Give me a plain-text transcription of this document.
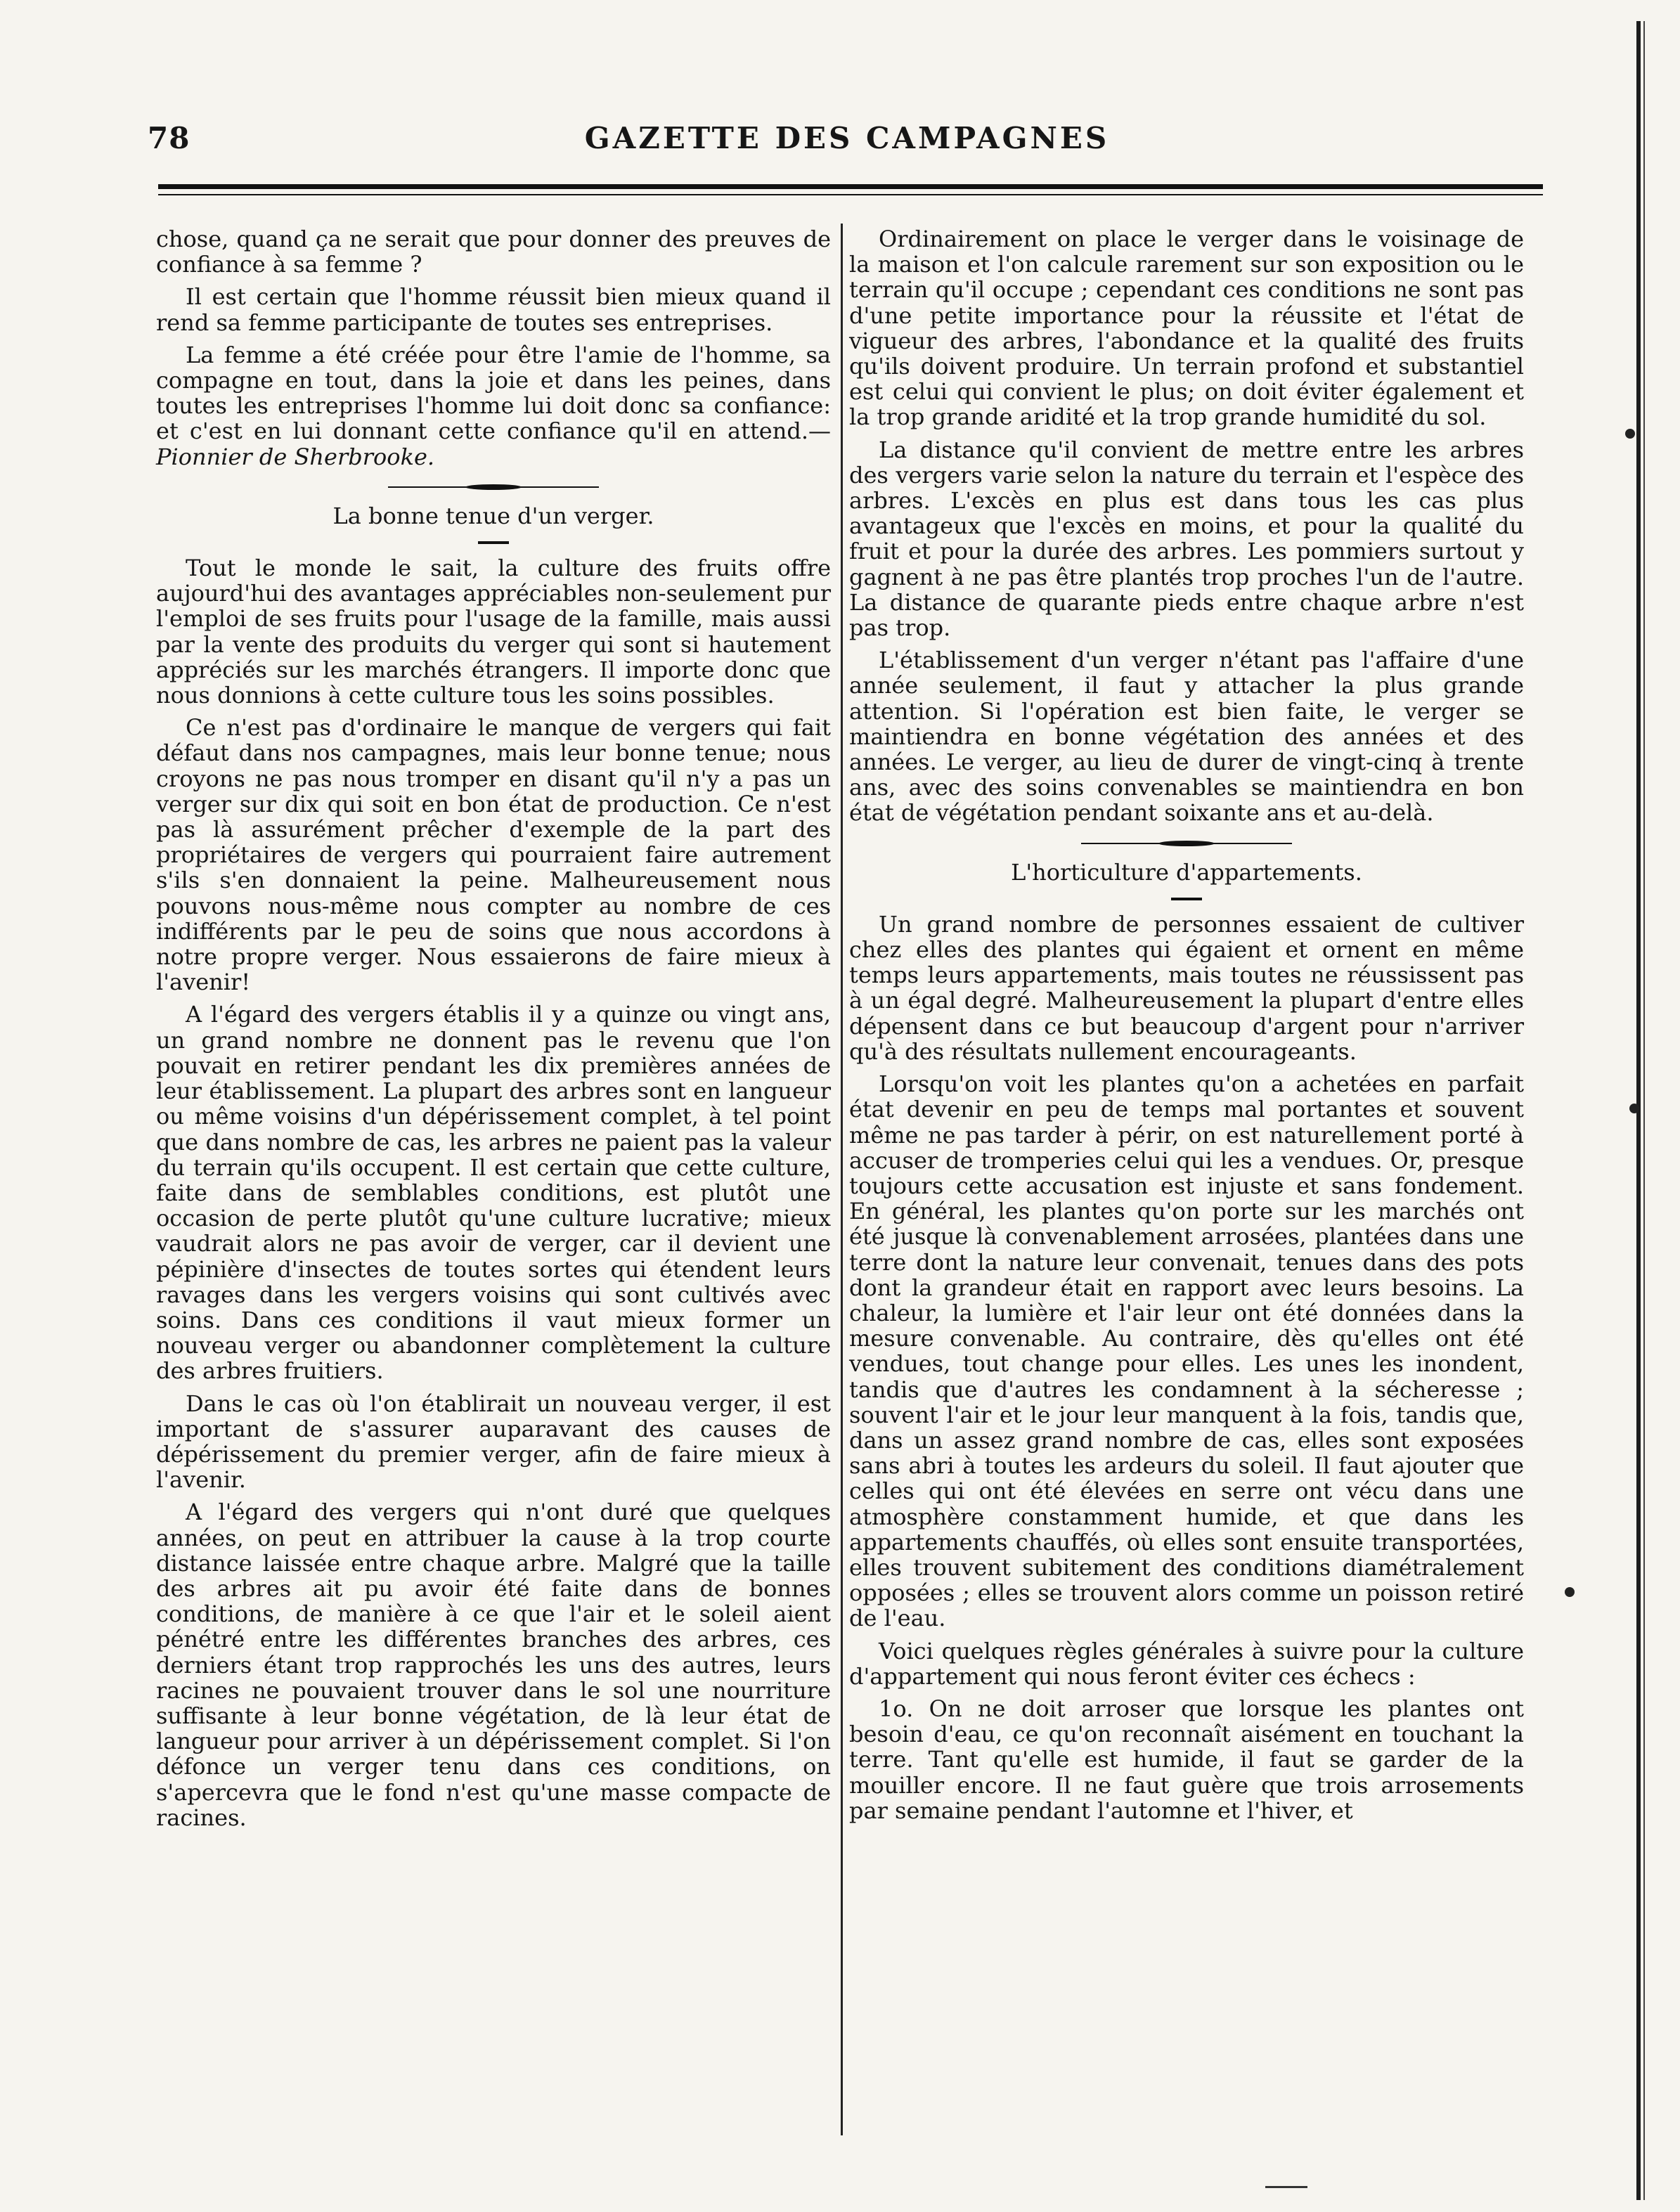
78	GAZETTE DES CAMPAGNES

chose, quand ça ne serait que pour donner des preuves de confiance à sa femme ?

Il est certain que l'homme réussit bien mieux quand il rend sa femme participante de toutes ses entreprises.

La femme a été créée pour être l'amie de l'homme, sa compagne en tout, dans la joie et dans les peines, dans toutes les entreprises l'homme lui doit donc sa confiance: et c'est en lui donnant cette confiance qu'il en attend.—Pionnier de Sherbrooke.

La bonne tenue d'un verger.

Tout le monde le sait, la culture des fruits offre aujourd'hui des avantages appréciables non-seulement pur l'emploi de ses fruits pour l'usage de la famille, mais aussi par la vente des produits du verger qui sont si hautement appréciés sur les marchés étrangers. Il importe donc que nous donnions à cette culture tous les soins possibles.

Ce n'est pas d'ordinaire le manque de vergers qui fait défaut dans nos campagnes, mais leur bonne tenue; nous croyons ne pas nous tromper en disant qu'il n'y a pas un verger sur dix qui soit en bon état de production. Ce n'est pas là assurément prêcher d'exemple de la part des propriétaires de vergers qui pourraient faire autrement s'ils s'en donnaient la peine. Malheureusement nous pouvons nous-même nous compter au nombre de ces indifférents par le peu de soins que nous accordons à notre propre verger. Nous essaierons de faire mieux à l'avenir!

A l'égard des vergers établis il y a quinze ou vingt ans, un grand nombre ne donnent pas le revenu que l'on pouvait en retirer pendant les dix premières années de leur établissement. La plupart des arbres sont en langueur ou même voisins d'un dépérissement complet, à tel point que dans nombre de cas, les arbres ne paient pas la valeur du terrain qu'ils occupent. Il est certain que cette culture, faite dans de semblables conditions, est plutôt une occasion de perte plutôt qu'une culture lucrative; mieux vaudrait alors ne pas avoir de verger, car il devient une pépinière d'insectes de toutes sortes qui étendent leurs ravages dans les vergers voisins qui sont cultivés avec soins. Dans ces conditions il vaut mieux former un nouveau verger ou abandonner complètement la culture des arbres fruitiers.

Dans le cas où l'on établirait un nouveau verger, il est important de s'assurer auparavant des causes de dépérissement du premier verger, afin de faire mieux à l'avenir.

A l'égard des vergers qui n'ont duré que quelques années, on peut en attribuer la cause à la trop courte distance laissée entre chaque arbre. Malgré que la taille des arbres ait pu avoir été faite dans de bonnes conditions, de manière à ce que l'air et le soleil aient pénétré entre les différentes branches des arbres, ces derniers étant trop rapprochés les uns des autres, leurs racines ne pouvaient trouver dans le sol une nourriture suffisante à leur bonne végétation, de là leur état de langueur pour arriver à un dépérissement complet. Si l'on défonce un verger tenu dans ces conditions, on s'apercevra que le fond n'est qu'une masse compacte de racines.

Ordinairement on place le verger dans le voisinage de la maison et l'on calcule rarement sur son exposition ou le terrain qu'il occupe ; cependant ces conditions ne sont pas d'une petite importance pour la réussite et l'état de vigueur des arbres, l'abondance et la qualité des fruits qu'ils doivent produire. Un terrain profond et substantiel est celui qui convient le plus; on doit éviter également et la trop grande aridité et la trop grande humidité du sol.

La distance qu'il convient de mettre entre les arbres des vergers varie selon la nature du terrain et l'espèce des arbres. L'excès en plus est dans tous les cas plus avantageux que l'excès en moins, et pour la qualité du fruit et pour la durée des arbres. Les pommiers surtout y gagnent à ne pas être plantés trop proches l'un de l'autre. La distance de quarante pieds entre chaque arbre n'est pas trop.

L'établissement d'un verger n'étant pas l'affaire d'une année seulement, il faut y attacher la plus grande attention. Si l'opération est bien faite, le verger se maintiendra en bonne végétation des années et des années. Le verger, au lieu de durer de vingt-cinq à trente ans, avec des soins convenables se maintiendra en bon état de végétation pendant soixante ans et au-delà.

L'horticulture d'appartements.

Un grand nombre de personnes essaient de cultiver chez elles des plantes qui égaient et ornent en même temps leurs appartements, mais toutes ne réussissent pas à un égal degré. Malheureusement la plupart d'entre elles dépensent dans ce but beaucoup d'argent pour n'arriver qu'à des résultats nullement encourageants.

Lorsqu'on voit les plantes qu'on a achetées en parfait état devenir en peu de temps mal portantes et souvent même ne pas tarder à périr, on est naturellement porté à accuser de tromperies celui qui les a vendues. Or, presque toujours cette accusation est injuste et sans fondement. En général, les plantes qu'on porte sur les marchés ont été jusque là convenablement arrosées, plantées dans une terre dont la nature leur convenait, tenues dans des pots dont la grandeur était en rapport avec leurs besoins. La chaleur, la lumière et l'air leur ont été données dans la mesure convenable. Au contraire, dès qu'elles ont été vendues, tout change pour elles. Les unes les inondent, tandis que d'autres les condamnent à la sécheresse ; souvent l'air et le jour leur manquent à la fois, tandis que, dans un assez grand nombre de cas, elles sont exposées sans abri à toutes les ardeurs du soleil. Il faut ajouter que celles qui ont été élevées en serre ont vécu dans une atmosphère constamment humide, et que dans les appartements chauffés, où elles sont ensuite transportées, elles trouvent subitement des conditions diamétralement opposées ; elles se trouvent alors comme un poisson retiré de l'eau.

Voici quelques règles générales à suivre pour la culture d'appartement qui nous feront éviter ces échecs :

1o. On ne doit arroser que lorsque les plantes ont besoin d'eau, ce qu'on reconnaît aisément en touchant la terre. Tant qu'elle est humide, il faut se garder de la mouiller encore. Il ne faut guère que trois arrosements par semaine pendant l'automne et l'hiver, et
